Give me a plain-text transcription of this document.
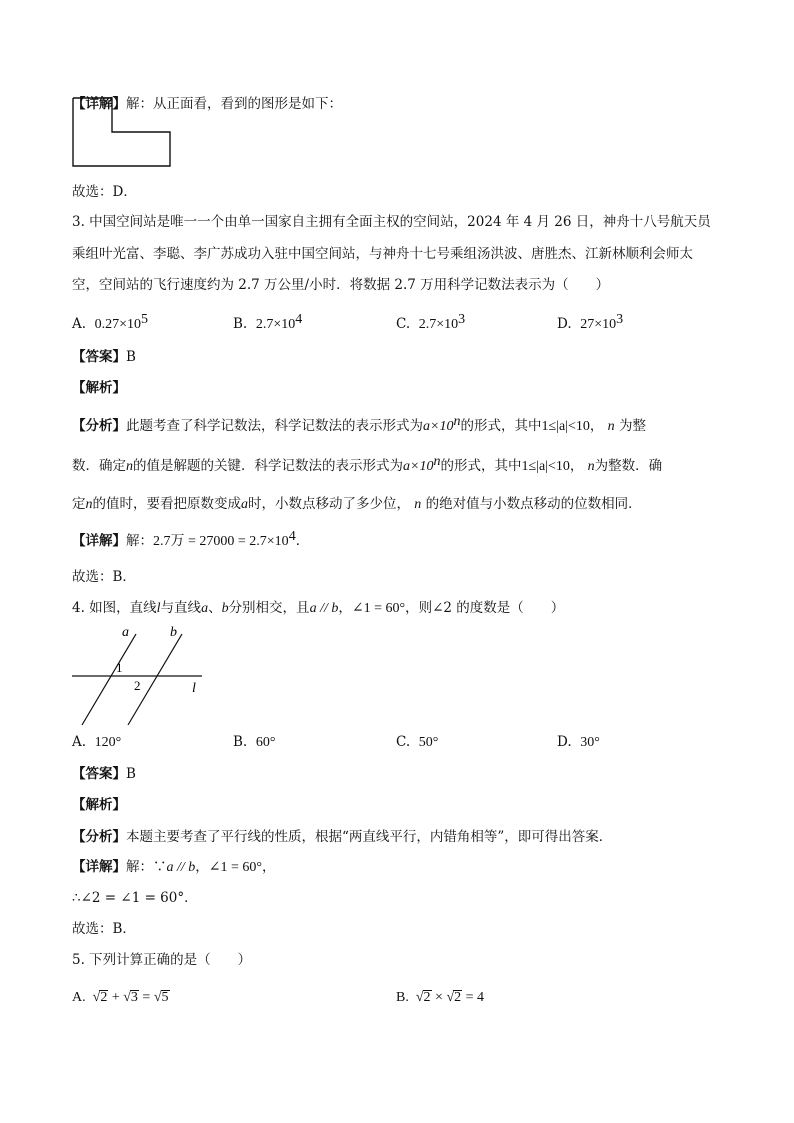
【详解】解：从正面看，看到的图形是如下：
故选：D．
3. 中国空间站是唯一一个由单一国家自主拥有全面主权的空间站，2024 年 4 月 26 日，神舟十八号航天员
乘组叶光富、李聪、李广苏成功入驻中国空间站，与神舟十七号乘组汤洪波、唐胜杰、江新林顺利会师太
空，空间站的飞行速度约为 2.7 万公里/小时．将数据 2.7 万用科学记数法表示为（　　）
A. $0.27\times 10^5$	B. $2.7\times 10^4$	C. $2.7\times 10^3$	D. $27\times 10^3$
【答案】B
【解析】
【分析】此题考查了科学记数法，科学记数法的表示形式为$a\times 10^n$的形式，其中1≤|a|<10， n 为整
数．确定n的值是解题的关键．科学记数法的表示形式为$a\times 10^n$的形式，其中1≤|a|<10， n为整数．确
定n的值时，要看把原数变成a时，小数点移动了多少位， n 的绝对值与小数点移动的位数相同．
【详解】解：2.7万 = $27000 = 2.7\times 10^4$．
故选：B．
4. 如图，直线l与直线a、b分别相交，且a // b，∠1 = 60°，则∠2 的度数是（　　）
a	b
1
2	l
A. 120°	B. 60°	C. 50°	D. 30°
【答案】B
【解析】
【分析】本题主要考查了平行线的性质，根据“两直线平行，内错角相等”，即可得出答案．
【详解】解：∵a // b，∠1 = 60°，
∴∠2 = ∠1 = 60°．
故选：B．
5. 下列计算正确的是（　　）
A.  √2 + √3 = √5	B.  √2 × √2 = 4
